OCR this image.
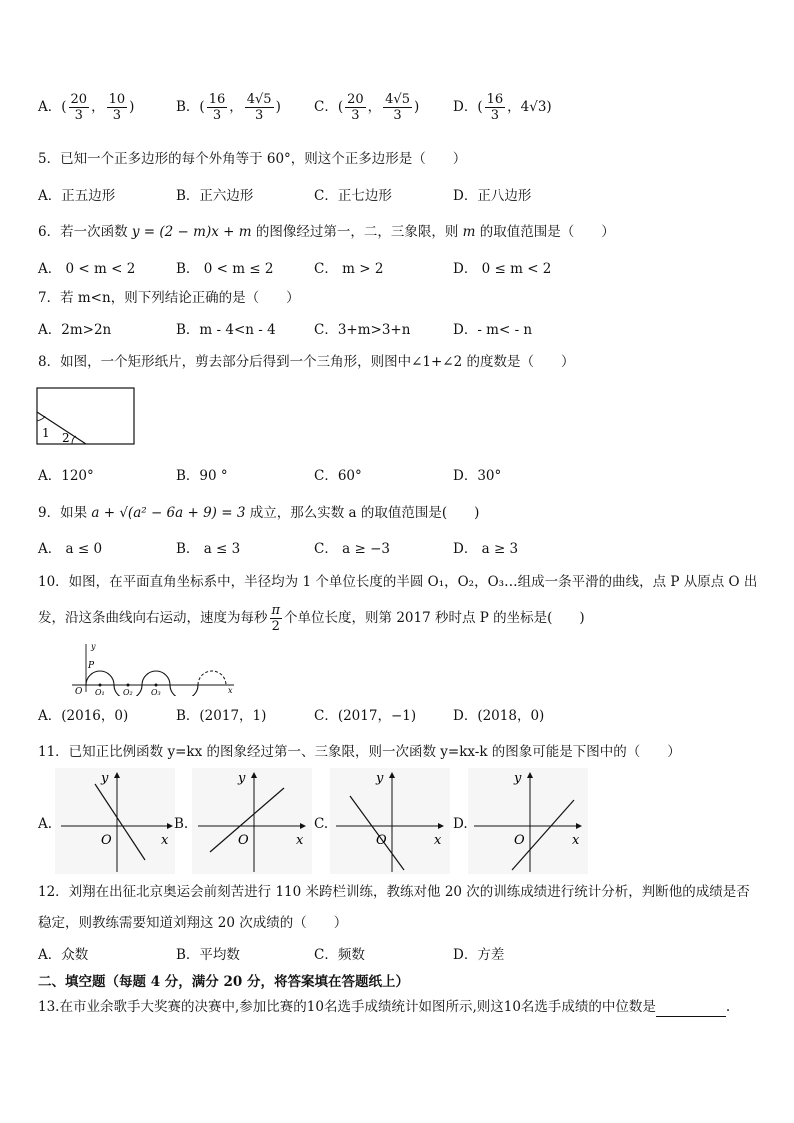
A．( $\frac{20}{3}$ ， $\frac{10}{3}$ )	B．( $\frac{16}{3}$ ， $\frac{4√5}{3}$ ) C．( $\frac{20}{3}$ ， $\frac{4√5}{3}$ ) D．( $\frac{16}{3}$ ，4√3)
5．已知一个正多边形的每个外角等于 60°，则这个正多边形是（　　）
A．正五边形	B．正六边形	C．正七边形	D．正八边形
6．若一次函数 y = (2 − m)x + m 的图像经过第一，二，三象限，则 m 的取值范围是（　　）
A． 0 < m < 2	B． 0 < m ≤ 2	C． m > 2	D． 0 ≤ m < 2
7．若 m<n，则下列结论正确的是（　　）
A．2m>2n	B．m - 4<n - 4	C．3+m>3+n	D．- m< - n
8．如图，一个矩形纸片，剪去部分后得到一个三角形，则图中∠1+∠2 的度数是（　　）
1 2
A．120°	B．90 °	C．60°	D．30°
9．如果 a + √(a² − 6a + 9) = 3 成立，那么实数 a 的取值范围是(　　)
A． a ≤ 0	B． a ≤ 3	C． a ≥ −3	D． a ≥ 3
10．如图，在平面直角坐标系中，半径均为 1 个单位长度的半圆 O₁，O₂，O₃…组成一条平滑的曲线，点 P 从原点 O 出
发，沿这条曲线向右运动，速度为每秒 $\frac{\pi}{2}$ 个单位长度，则第 2017 秒时点 P 的坐标是(　　)
y
x
O
P
O₁ O₂ O₃
A．(2016，0)	B．(2017，1)	C．(2017，−1)	D．(2018，0)
11．已知正比例函数 y=kx 的图象经过第一、三象限，则一次函数 y=kx-k 的图象可能是下图中的（　　）
A.
y
x
O
B.
y
x
O
C.
y
x
O
D.
y
x
O
12．刘翔在出征北京奥运会前刻苦进行 110 米跨栏训练，教练对他 20 次的训练成绩进行统计分析，判断他的成绩是否
稳定，则教练需要知道刘翔这 20 次成绩的（　　）
A．众数	B．平均数	C．频数	D．方差
二、填空题（每题 4 分，满分 20 分，将答案填在答题纸上）
13.在市业余歌手大奖赛的决赛中,参加比赛的10名选手成绩统计如图所示,则这10名选手成绩的中位数是	.
